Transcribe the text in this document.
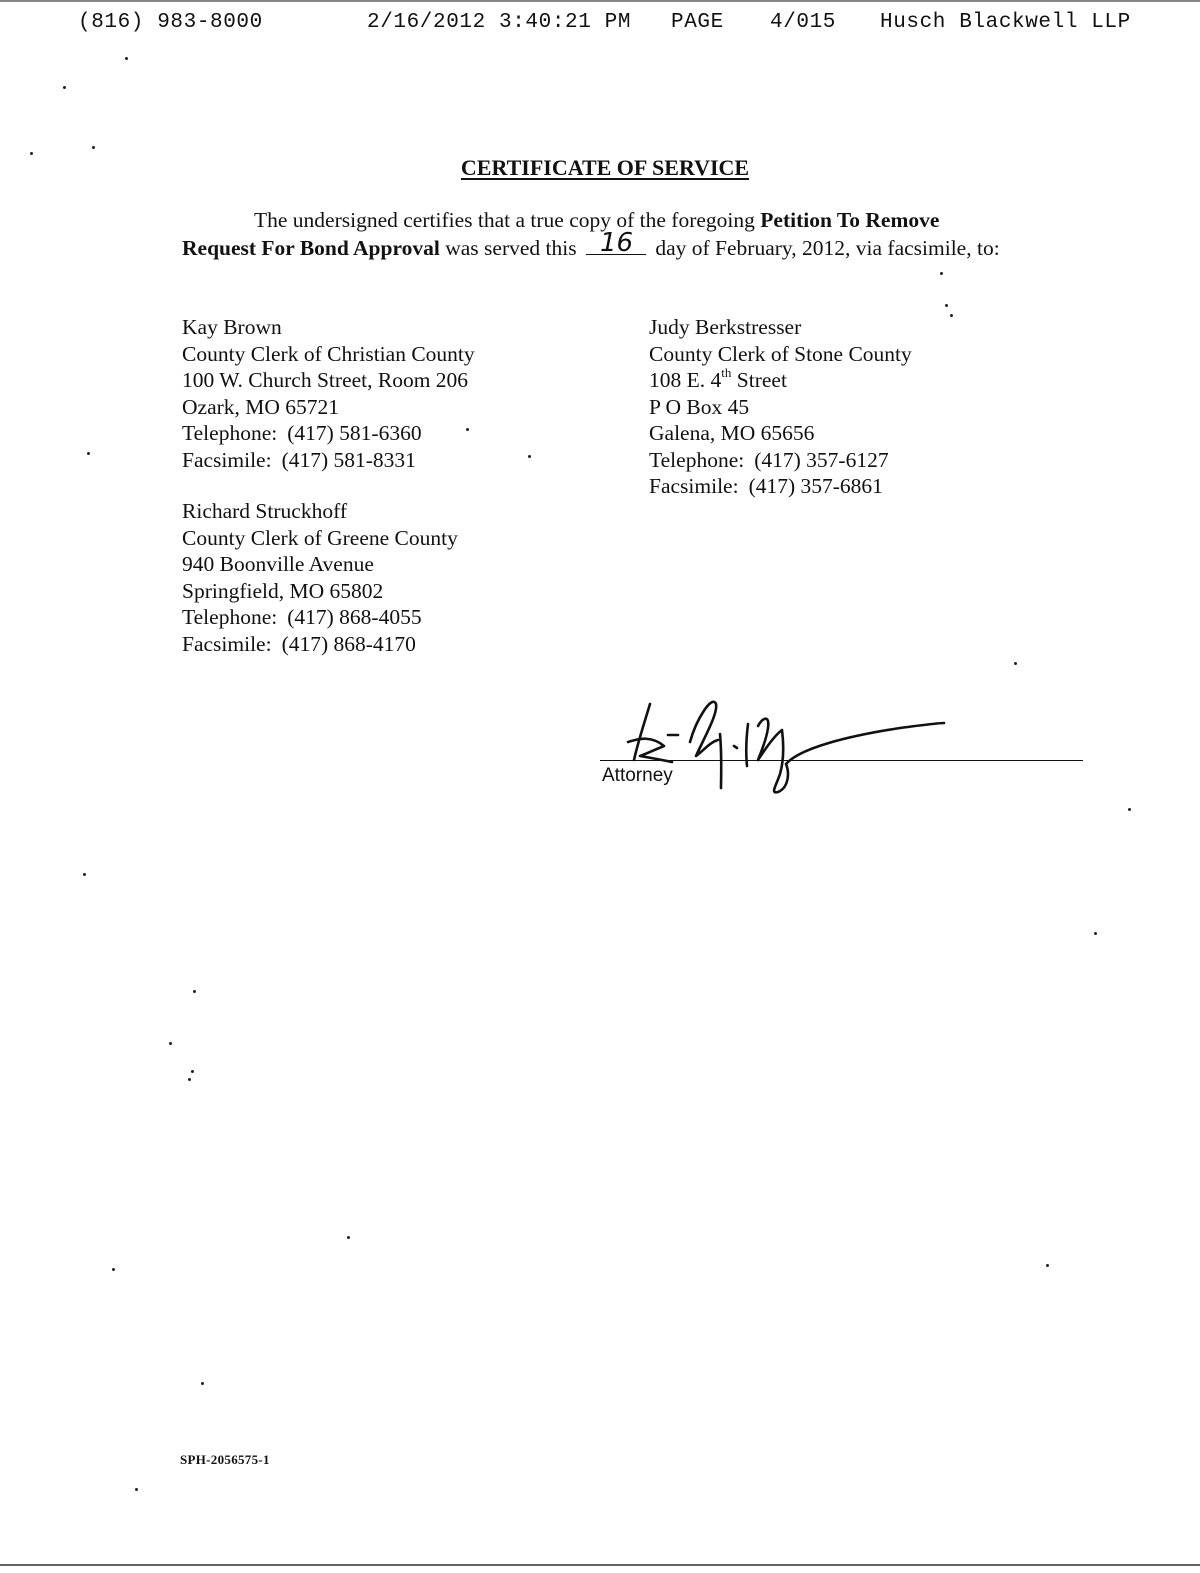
(816) 983-8000	2/16/2012 3:40:21 PM PAGE 4/015 Husch Blackwell LLP
CERTIFICATE OF SERVICE
The undersigned certifies that a true copy of the foregoing Petition To Remove Request For Bond Approval was served this 16 day of February, 2012, via facsimile, to:
Kay Brown
County Clerk of Christian County
100 W. Church Street, Room 206
Ozark, MO 65721
Telephone: (417) 581-6360
Facsimile: (417) 581-8331
Judy Berkstresser
County Clerk of Stone County
108 E. 4th Street
P O Box 45
Galena, MO 65656
Telephone: (417) 357-6127
Facsimile: (417) 357-6861
Richard Struckhoff
County Clerk of Greene County
940 Boonville Avenue
Springfield, MO 65802
Telephone: (417) 868-4055
Facsimile: (417) 868-4170
Attorney
SPH-2056575-1
